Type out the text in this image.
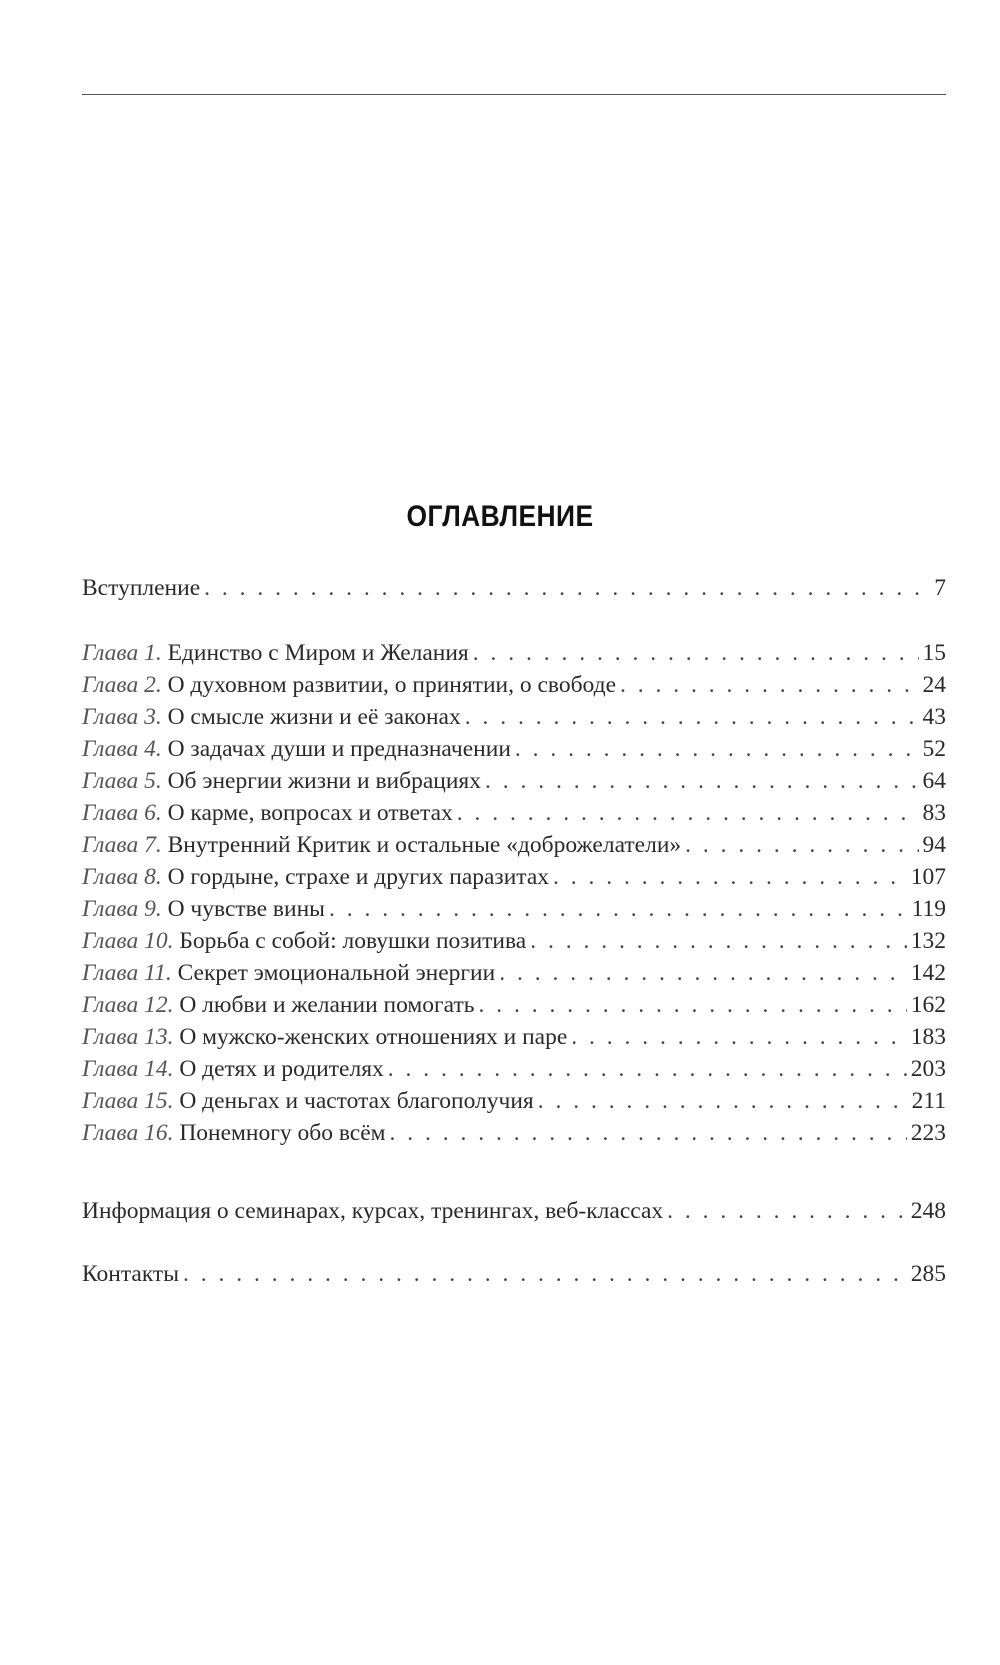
ОГЛАВЛЕНИЕ
Вступление . . .	7
Глава 1. Единство с Миром и Желания . . .	15
Глава 2. О духовном развитии, о принятии, о свободе . . .	24
Глава 3. О смысле жизни и её законах . . .	43
Глава 4. О задачах души и предназначении . . .	52
Глава 5. Об энергии жизни и вибрациях . . .	64
Глава 6. О карме, вопросах и ответах . . .	83
Глава 7. Внутренний Критик и остальные «доброжелатели» . . .	94
Глава 8. О гордыне, страхе и других паразитах . . .	107
Глава 9. О чувстве вины . . .	119
Глава 10. Борьба с собой: ловушки позитива . . .	132
Глава 11. Секрет эмоциональной энергии . . .	142
Глава 12. О любви и желании помогать . . .	162
Глава 13. О мужско-женских отношениях и паре . . .	183
Глава 14. О детях и родителях . . .	203
Глава 15. О деньгах и частотах благополучия . . .	211
Глава 16. Понемногу обо всём . . .	223
Информация о семинарах, курсах, тренингах, веб-классах . . .	248
Контакты . . .	285
